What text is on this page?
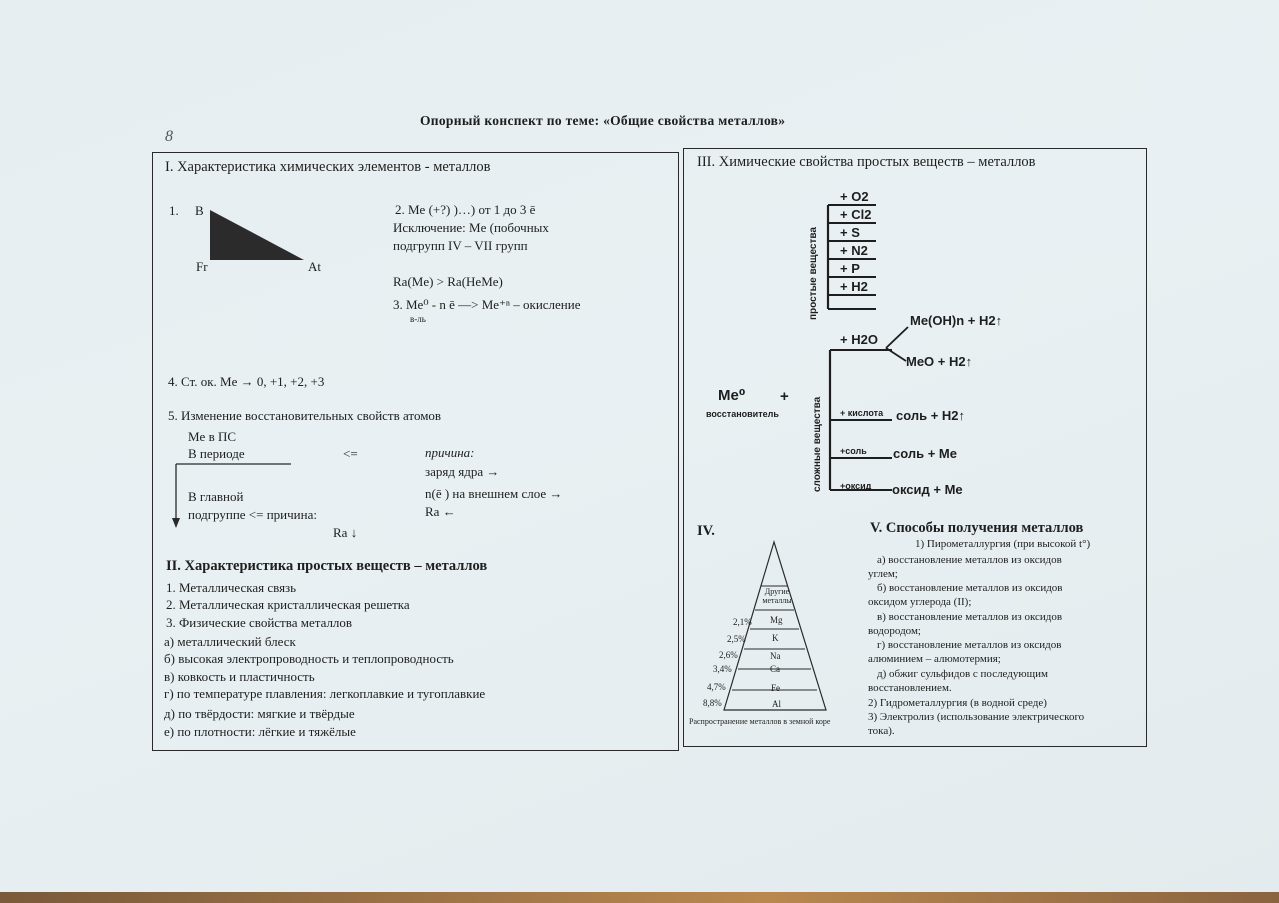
8
Опорный конспект по теме: «Общие свойства металлов»
I. Характеристика химических элементов - металлов
1. B
Fr	At
2. Me (+?) )…) от 1 до 3 ē
Исключение: Me (побочных
подгрупп IV – VII групп
Rа(Me) > Rа(HeMe)
3. Me⁰ - n ē —> Me⁺ⁿ – окисление
в-ль
4. Ст. ок. Me → 0, +1, +2, +3
5. Изменение восстановительных свойств атомов
Me в ПС
В периоде	<=	причина:
заряд ядра →
В главной
подгруппе <= причина:
n(ē ) на внешнем слое →
Rа ←
Rа ↓
II. Характеристика простых веществ – металлов
1. Металлическая связь
2. Металлическая кристаллическая решетка
3. Физические свойства металлов
а) металлический блеск
б) высокая электропроводность и теплопроводность
в) ковкость и пластичность
г) по температуре плавления: легкоплавкие и тугоплавкие
д) по твёрдости: мягкие и твёрдые
е) по плотности: лёгкие и тяжёлые
III. Химические свойства простых веществ – металлов
простые вещества
сложные вещества
+ O2
+ Cl2
+ S
+ N2
+ P
+ H2
+ H2O
Me(OH)n + H2↑
MeO + H2↑
Me⁰
восстановитель
+
+ кислота соль + H2↑
+соль соль + Me
+оксид оксид + Me
IV.
Другие металлы
Mg
K
Na
Ca
Fe
Al
2,1%
2,5%
2,6%
3,4%
4,7%
8,8%
Распространение металлов в земной коре
V. Способы получения металлов
1) Пирометаллургия (при высокой t°)
а) восстановление металлов из оксидов
углем;
б) восстановление металлов из оксидов
оксидом углерода (II);
в) восстановление металлов из оксидов
водородом;
г) восстановление металлов из оксидов
алюминием – алюмотермия;
д) обжиг сульфидов с последующим
восстановлением.
2) Гидрометаллургия (в водной среде)
3) Электролиз (использование электрического
тока).
